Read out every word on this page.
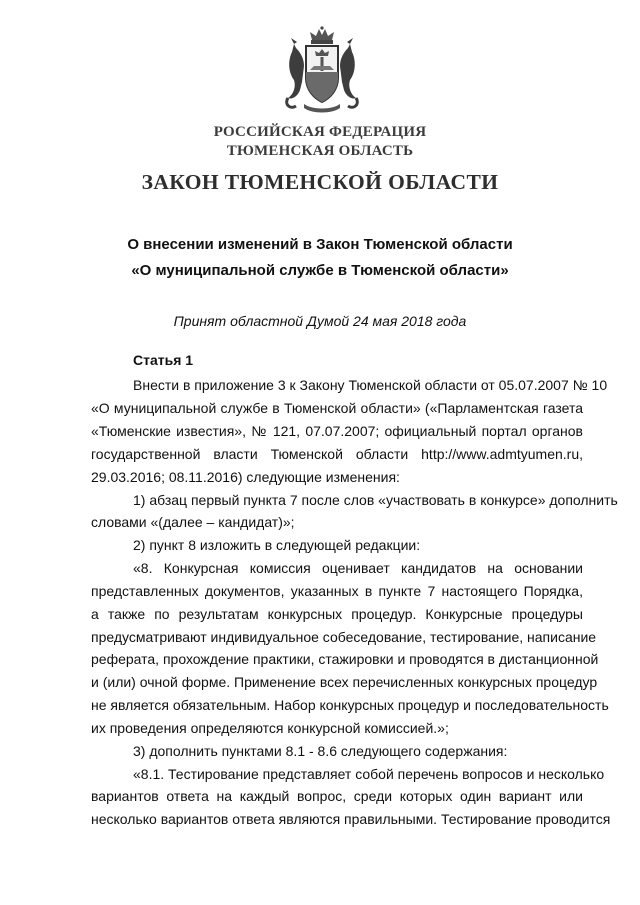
РОССИЙСКАЯ ФЕДЕРАЦИЯ
ТЮМЕНСКАЯ ОБЛАСТЬ
ЗАКОН ТЮМЕНСКОЙ ОБЛАСТИ
О внесении изменений в Закон Тюменской области
«О муниципальной службе в Тюменской области»
Принят областной Думой 24 мая 2018 года
Статья 1
Внести в приложение 3 к Закону Тюменской области от 05.07.2007 № 10
«О муниципальной службе в Тюменской области» («Парламентская газета
«Тюменские известия», № 121, 07.07.2007; официальный портал органов
государственной власти Тюменской области http://www.admtyumen.ru,
29.03.2016; 08.11.2016) следующие изменения:
1) абзац первый пункта 7 после слов «участвовать в конкурсе» дополнить
словами «(далее – кандидат)»;
2) пункт 8 изложить в следующей редакции:
«8. Конкурсная комиссия оценивает кандидатов на основании
представленных документов, указанных в пункте 7 настоящего Порядка,
а также по результатам конкурсных процедур. Конкурсные процедуры
предусматривают индивидуальное собеседование, тестирование, написание
реферата, прохождение практики, стажировки и проводятся в дистанционной
и (или) очной форме. Применение всех перечисленных конкурсных процедур
не является обязательным. Набор конкурсных процедур и последовательность
их проведения определяются конкурсной комиссией.»;
3) дополнить пунктами 8.1 - 8.6 следующего содержания:
«8.1. Тестирование представляет собой перечень вопросов и несколько
вариантов ответа на каждый вопрос, среди которых один вариант или
несколько вариантов ответа являются правильными. Тестирование проводится
